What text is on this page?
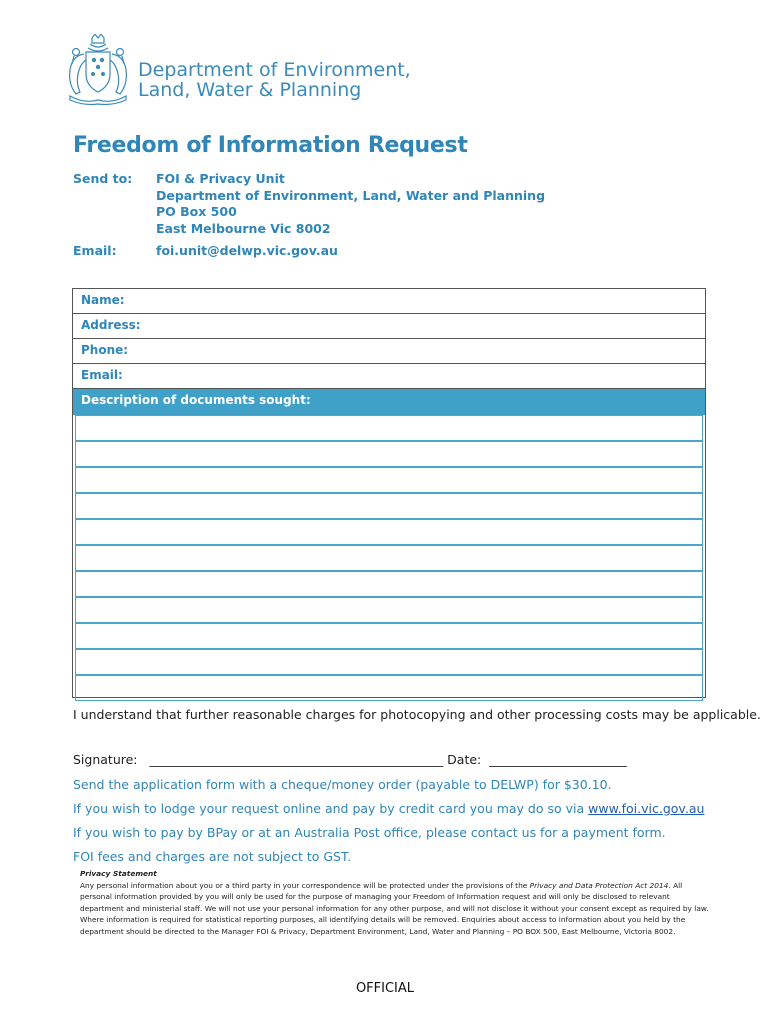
Department of Environment,
Land, Water & Planning
Freedom of Information Request
Send to: FOI & Privacy Unit
Department of Environment, Land, Water and Planning
PO Box 500
East Melbourne Vic 8002
Email:	foi.unit@delwp.vic.gov.au
Name:
Address:
Phone:
Email:
Description of documents sought:
I understand that further reasonable charges for photocopying and other processing costs may be applicable.
Signature: _______________________________________________ Date: ______________________
Send the application form with a cheque/money order (payable to DELWP) for $30.10.
If you wish to lodge your request online and pay by credit card you may do so via www.foi.vic.gov.au
If you wish to pay by BPay or at an Australia Post office, please contact us for a payment form.
FOI fees and charges are not subject to GST.
Privacy Statement
Any personal information about you or a third party in your correspondence will be protected under the provisions of the Privacy and Data Protection Act 2014. All personal information provided by you will only be used for the purpose of managing your Freedom of Information request and will only be disclosed to relevant department and ministerial staff. We will not use your personal information for any other purpose, and will not disclose it without your consent except as required by law. Where information is required for statistical reporting purposes, all identifying details will be removed. Enquiries about access to information about you held by the department should be directed to the Manager FOI & Privacy, Department Environment, Land, Water and Planning – PO BOX 500, East Melbourne, Victoria 8002.
OFFICIAL
